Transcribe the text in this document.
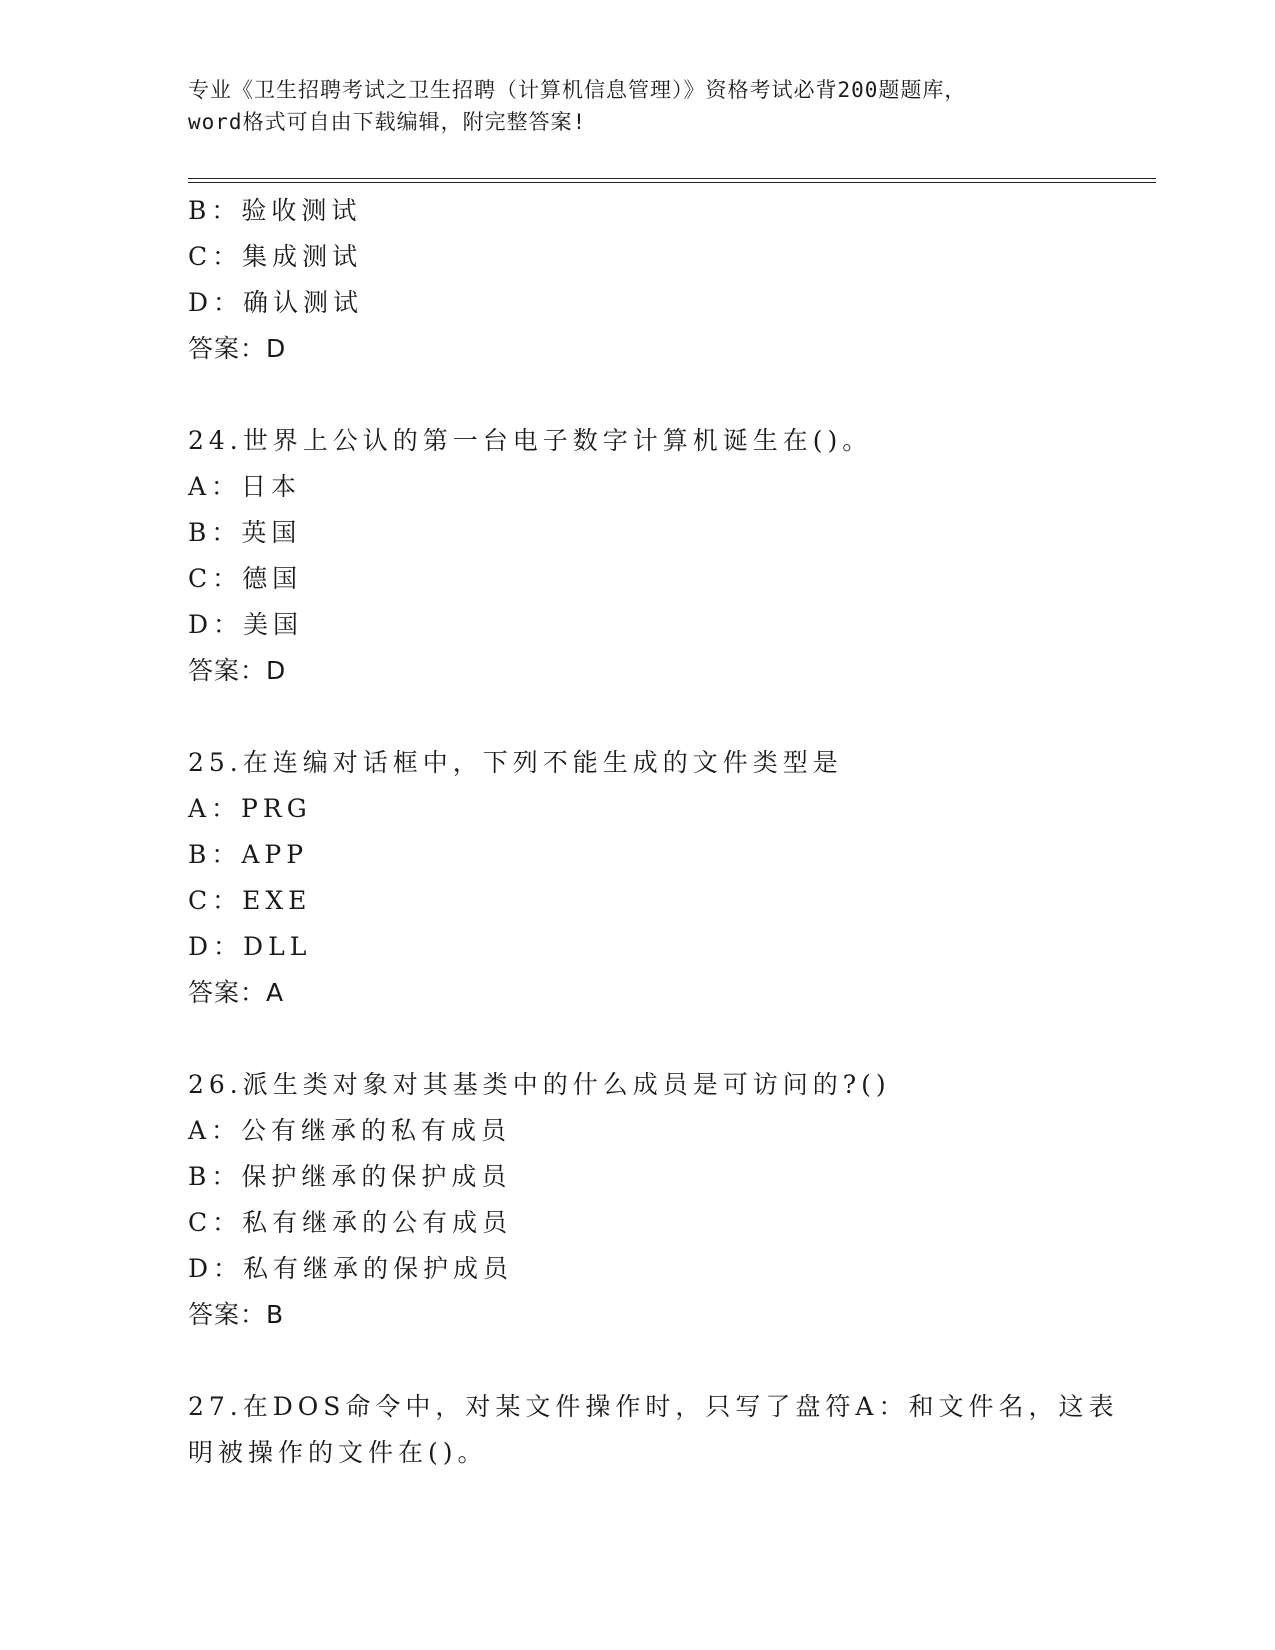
专业《卫生招聘考试之卫生招聘（计算机信息管理）》资格考试必背200题题库，
word格式可自由下载编辑，附完整答案!
B：验收测试
C：集成测试
D：确认测试
答案：D
24.世界上公认的第一台电子数字计算机诞生在()。
A：日本
B：英国
C：德国
D：美国
答案：D
25.在连编对话框中，下列不能生成的文件类型是
A：PRG
B：APP
C：EXE
D：DLL
答案：A
26.派生类对象对其基类中的什么成员是可访问的?()
A：公有继承的私有成员
B：保护继承的保护成员
C：私有继承的公有成员
D：私有继承的保护成员
答案：B
27.在DOS命令中，对某文件操作时，只写了盘符A：和文件名，这表
明被操作的文件在()。
